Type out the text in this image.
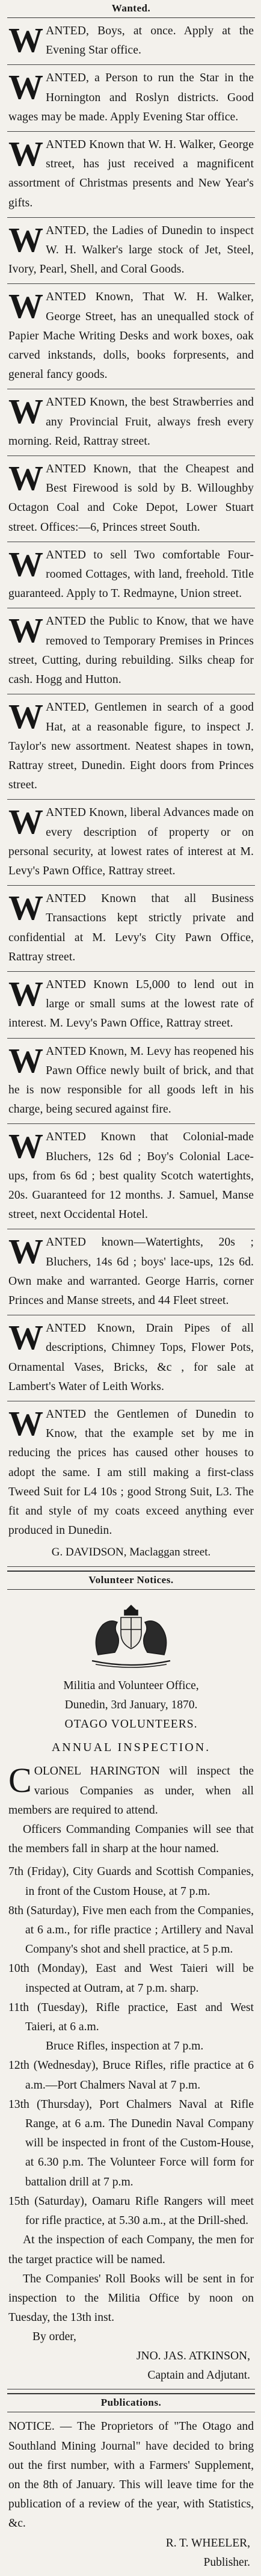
Wanted.

WANTED, Boys, at once. Apply at the Evening Star office.

WANTED, a Person to run the Star in the Hornington and Roslyn districts. Good wages may be made. Apply Evening Star office.

WANTED Known that W. H. Walker, George street, has just received a magnificent assortment of Christmas presents and New Year's gifts.

WANTED, the Ladies of Dunedin to inspect W. H. Walker's large stock of Jet, Steel, Ivory, Pearl, Shell, and Coral Goods.

WANTED Known, That W. H. Walker, George Street, has an unequalled stock of Papier Mache Writing Desks and work boxes, oak carved inkstands, dolls, books forpresents, and general fancy goods.

WANTED Known, the best Strawberries and any Provincial Fruit, always fresh every morning. Reid, Rattray street.

WANTED Known, that the Cheapest and Best Firewood is sold by B. Willoughby Octagon Coal and Coke Depot, Lower Stuart street. Offices:—6, Princes street South.

WANTED to sell Two comfortable Four-roomed Cottages, with land, freehold. Title guaranteed. Apply to T. Redmayne, Union street.

WANTED the Public to Know, that we have removed to Temporary Premises in Princes street, Cutting, during rebuilding. Silks cheap for cash. Hogg and Hutton.

WANTED, Gentlemen in search of a good Hat, at a reasonable figure, to inspect J. Taylor's new assortment. Neatest shapes in town, Rattray street, Dunedin. Eight doors from Princes street.

WANTED Known, liberal Advances made on every description of property or on personal security, at lowest rates of interest at M. Levy's Pawn Office, Rattray street.

WANTED Known that all Business Transactions kept strictly private and confidential at M. Levy's City Pawn Office, Rattray street.

WANTED Known L5,000 to lend out in large or small sums at the lowest rate of interest. M. Levy's Pawn Office, Rattray street.

WANTED Known, M. Levy has reopened his Pawn Office newly built of brick, and that he is now responsible for all goods left in his charge, being secured against fire.

WANTED Known that Colonial-made Bluchers, 12s 6d ; Boy's Colonial Lace-ups, from 6s 6d ; best quality Scotch watertights, 20s. Guaranteed for 12 months. J. Samuel, Manse street, next Occidental Hotel.

WANTED known—Watertights, 20s ; Bluchers, 14s 6d ; boys' lace-ups, 12s 6d. Own make and warranted. George Harris, corner Princes and Manse streets, and 44 Fleet street.

WANTED Known, Drain Pipes of all descriptions, Chimney Tops, Flower Pots, Ornamental Vases, Bricks, &c , for sale at Lambert's Water of Leith Works.

WANTED the Gentlemen of Dunedin to Know, that the example set by me in reducing the prices has caused other houses to adopt the same. I am still making a first-class Tweed Suit for L4 10s ; good Strong Suit, L3. The fit and style of my coats exceed anything ever produced in Dunedin.

G. DAVIDSON, Maclaggan street.
Volunteer Notices.
Militia and Volunteer Office,
Dunedin, 3rd January, 1870.
OTAGO VOLUNTEERS.
ANNUAL INSPECTION.

COLONEL HARINGTON will inspect the various Companies as under, when all members are required to attend.

Officers Commanding Companies will see that the members fall in sharp at the hour named.

7th (Friday), City Guards and Scottish Companies, in front of the Custom House, at 7 p.m.

8th (Saturday), Five men each from the Companies, at 6 a.m., for rifle practice ; Artillery and Naval Company's shot and shell practice, at 5 p.m.

10th (Monday), East and West Taieri will be inspected at Outram, at 7 p.m. sharp.

11th (Tuesday), Rifle practice, East and West Taieri, at 6 a.m.

Bruce Rifles, inspection at 7 p.m.

12th (Wednesday), Bruce Rifles, rifle practice at 6 a.m.—Port Chalmers Naval at 7 p.m.

13th (Thursday), Port Chalmers Naval at Rifle Range, at 6 a.m. The Dunedin Naval Company will be inspected in front of the Custom-House, at 6.30 p.m. The Volunteer Force will form for battalion drill at 7 p.m.

15th (Saturday), Oamaru Rifle Rangers will meet for rifle practice, at 5.30 a.m., at the Drill-shed.

At the inspection of each Company, the men for the target practice will be named.

The Companies' Roll Books will be sent in for inspection to the Militia Office by noon on Tuesday, the 13th inst.

By order,
JNO. JAS. ATKINSON,
Captain and Adjutant.
Publications.

NOTICE. — The Proprietors of "The Otago and Southland Mining Journal" have decided to bring out the first number, with a Farmers' Supplement, on the 8th of January. This will leave time for the publication of a review of the year, with Statistics, &c.

R. T. WHEELER,
Publisher.
